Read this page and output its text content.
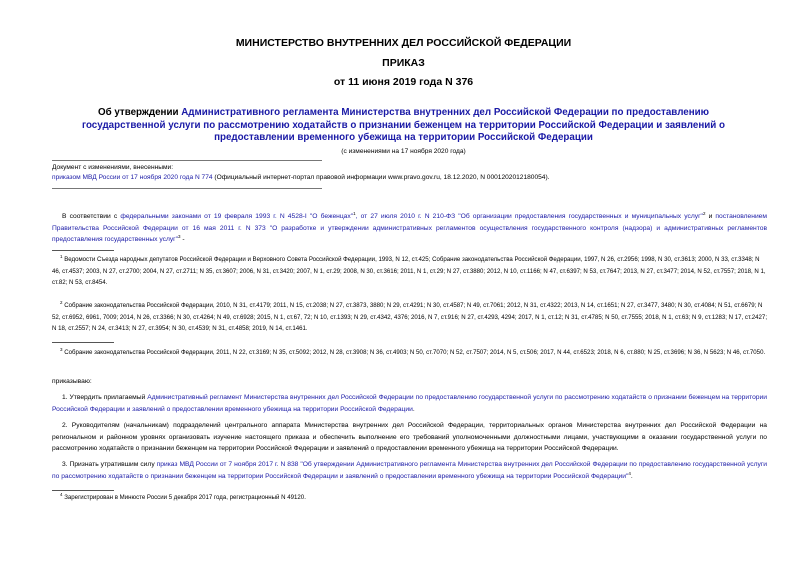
МИНИСТЕРСТВО ВНУТРЕННИХ ДЕЛ РОССИЙСКОЙ ФЕДЕРАЦИИ
ПРИКАЗ
от 11 июня 2019 года N 376
Об утверждении Административного регламента Министерства внутренних дел Российской Федерации по предоставлению государственной услуги по рассмотрению ходатайств о признании беженцем на территории Российской Федерации и заявлений о предоставлении временного убежища на территории Российской Федерации
(с изменениями на 17 ноября 2020 года)
Документ с изменениями, внесенными:
приказом МВД России от 17 ноября 2020 года N 774 (Официальный интернет-портал правовой информации www.pravo.gov.ru, 18.12.2020, N 0001202012180054).
В соответствии с федеральными законами от 19 февраля 1993 г. N 4528-I "О беженцах"$^1$, от 27 июля 2010 г. N 210-ФЗ "Об организации предоставления государственных и муниципальных услуг"$^2$ и постановлением Правительства Российской Федерации от 16 мая 2011 г. N 373 "О разработке и утверждении административных регламентов осуществления государственного контроля (надзора) и административных регламентов предоставления государственных услуг"$^3$ -
$^1$ Ведомости Съезда народных депутатов Российской Федерации и Верховного Совета Российской Федерации, 1993, N 12, ст.425; Собрание законодательства Российской Федерации, 1997, N 26, ст.2956; 1998, N 30, ст.3613; 2000, N 33, ст.3348; N 46, ст.4537; 2003, N 27, ст.2700; 2004, N 27, ст.2711; N 35, ст.3607; 2006, N 31, ст.3420; 2007, N 1, ст.29; 2008, N 30, ст.3616; 2011, N 1, ст.29; N 27, ст.3880; 2012, N 10, ст.1166; N 47, ст.6397; N 53, ст.7647; 2013, N 27, ст.3477; 2014, N 52, ст.7557; 2018, N 1, ст.82; N 53, ст.8454.
$^2$ Собрание законодательства Российской Федерации, 2010, N 31, ст.4179; 2011, N 15, ст.2038; N 27, ст.3873, 3880; N 29, ст.4291; N 30, ст.4587; N 49, ст.7061; 2012, N 31, ст.4322; 2013, N 14, ст.1651; N 27, ст.3477, 3480; N 30, ст.4084; N 51, ст.6679; N 52, ст.6952, 6961, 7009; 2014, N 26, ст.3366; N 30, ст.4264; N 49, ст.6928; 2015, N 1, ст.67, 72; N 10, ст.1393; N 29, ст.4342, 4376; 2016, N 7, ст.916; N 27, ст.4293, 4294; 2017, N 1, ст.12; N 31, ст.4785; N 50, ст.7555; 2018, N 1, ст.63; N 9, ст.1283; N 17, ст.2427; N 18, ст.2557; N 24, ст.3413; N 27, ст.3954; N 30, ст.4539; N 31, ст.4858; 2019, N 14, ст.1461.
$^3$ Собрание законодательства Российской Федерации, 2011, N 22, ст.3169; N 35, ст.5092; 2012, N 28, ст.3908; N 36, ст.4903; N 50, ст.7070; N 52, ст.7507; 2014, N 5, ст.506; 2017, N 44, ст.6523; 2018, N 6, ст.880; N 25, ст.3696; N 36, N 5623; N 46, ст.7050.
приказываю:
1. Утвердить прилагаемый Административный регламент Министерства внутренних дел Российской Федерации по предоставлению государственной услуги по рассмотрению ходатайств о признании беженцем на территории Российской Федерации и заявлений о предоставлении временного убежища на территории Российской Федерации.
2. Руководителям (начальникам) подразделений центрального аппарата Министерства внутренних дел Российской Федерации, территориальных органов Министерства внутренних дел Российской Федерации на региональном и районном уровнях организовать изучение настоящего приказа и обеспечить выполнение его требований уполномоченными должностными лицами, участвующими в оказании государственной услуги по рассмотрению ходатайств о признании беженцем на территории Российской Федерации и заявлений о предоставлении временного убежища на территории Российской Федерации.
3. Признать утратившим силу приказ МВД России от 7 ноября 2017 г. N 838 "Об утверждении Административного регламента Министерства внутренних дел Российской Федерации по предоставлению государственной услуги по рассмотрению ходатайств о признании беженцем на территории Российской Федерации и заявлений о предоставлении временного убежища на территории Российской Федерации"$^4$.
$^4$ Зарегистрирован в Минюсте России 5 декабря 2017 года, регистрационный N 49120.
